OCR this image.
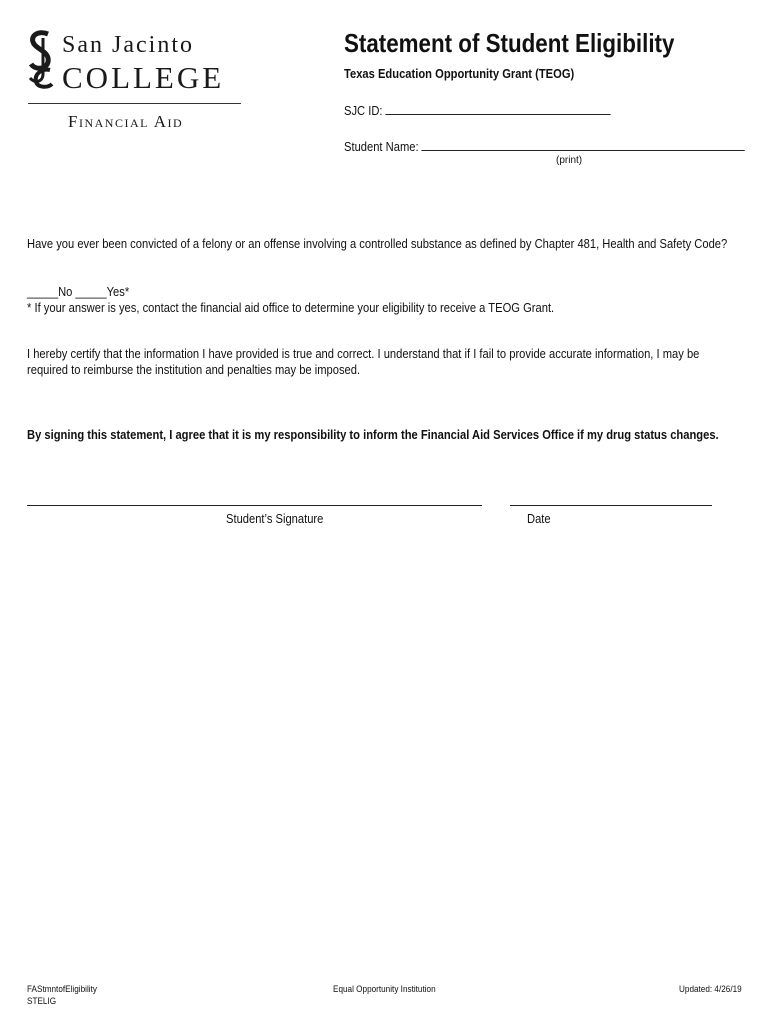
San Jacinto
COLLEGE
Financial Aid
Statement of Student Eligibility
Texas Education Opportunity Grant (TEOG)
SJC ID:
Student Name:
(print)
Have you ever been convicted of a felony or an offense involving a controlled substance as defined by Chapter 481, Health and Safety Code?
_____No _____Yes*
* If your answer is yes, contact the financial aid office to determine your eligibility to receive a TEOG Grant.
I hereby certify that the information I have provided is true and correct. I understand that if I fail to provide accurate information, I may be
required to reimburse the institution and penalties may be imposed.
By signing this statement, I agree that it is my responsibility to inform the Financial Aid Services Office if my drug status changes.
Student’s Signature	Date
FAStmntofEligibility
STELIG
Equal Opportunity Institution	Updated: 4/26/19
